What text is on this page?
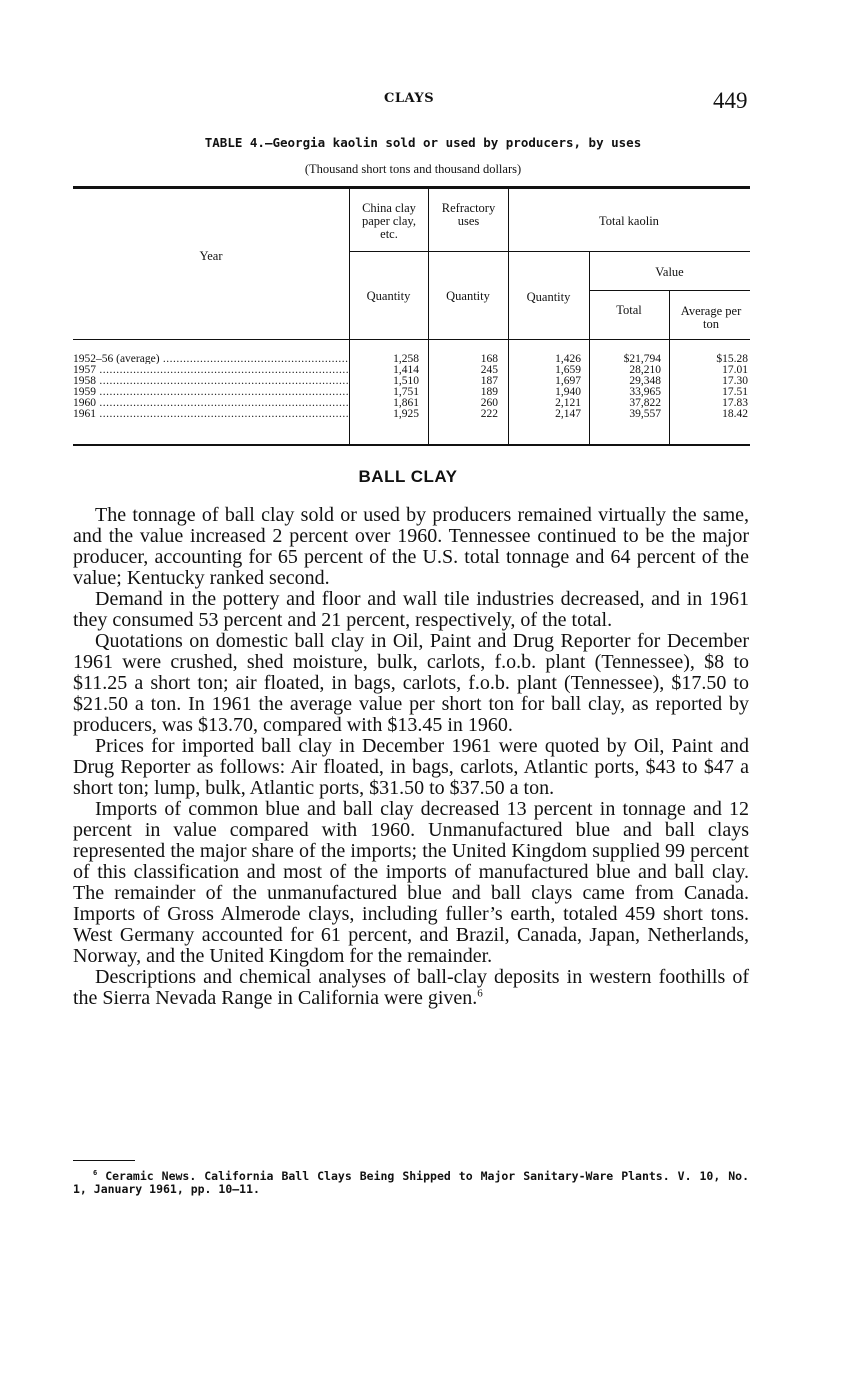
CLAYS	449
TABLE 4.—Georgia kaolin sold or used by producers, by uses
(Thousand short tons and thousand dollars)
Year
China clay paper clay, etc.
Refractory uses	Total kaolin
Value
Quantity	Quantity	Quantity
Total	Average per ton
1952–56 (average) .....	1,258	168	1,426	$21,794	$15.28
1957 .....	1,414	245	1,659	28,210	17.01
1958 .....	1,510	187	1,697	29,348	17.30
1959 .....	1,751	189	1,940	33,965	17.51
1960 .....	1,861	260	2,121	37,822	17.83
1961 .....	1,925	222	2,147	39,557	18.42
BALL CLAY

The tonnage of ball clay sold or used by producers remained virtually the same, and the value increased 2 percent over 1960. Tennessee continued to be the major producer, accounting for 65 percent of the U.S. total tonnage and 64 percent of the value; Kentucky ranked second.

Demand in the pottery and floor and wall tile industries decreased, and in 1961 they consumed 53 percent and 21 percent, respectively, of the total.

Quotations on domestic ball clay in Oil, Paint and Drug Reporter for December 1961 were crushed, shed moisture, bulk, carlots, f.o.b. plant (Tennessee), $8 to $11.25 a short ton; air floated, in bags, carlots, f.o.b. plant (Tennessee), $17.50 to $21.50 a ton. In 1961 the average value per short ton for ball clay, as reported by producers, was $13.70, compared with $13.45 in 1960.

Prices for imported ball clay in December 1961 were quoted by Oil, Paint and Drug Reporter as follows: Air floated, in bags, carlots, Atlantic ports, $43 to $47 a short ton; lump, bulk, Atlantic ports, $31.50 to $37.50 a ton.

Imports of common blue and ball clay decreased 13 percent in tonnage and 12 percent in value compared with 1960. Unmanufactured blue and ball clays represented the major share of the imports; the United Kingdom supplied 99 percent of this classification and most of the imports of manufactured blue and ball clay. The remainder of the unmanufactured blue and ball clays came from Canada. Imports of Gross Almerode clays, including fuller’s earth, totaled 459 short tons. West Germany accounted for 61 percent, and Brazil, Canada, Japan, Netherlands, Norway, and the United Kingdom for the remainder.

Descriptions and chemical analyses of ball-clay deposits in western foothills of the Sierra Nevada Range in California were given.$^6$

$^6$ Ceramic News. California Ball Clays Being Shipped to Major Sanitary-Ware Plants. V. 10, No. 1, January 1961, pp. 10–11.
